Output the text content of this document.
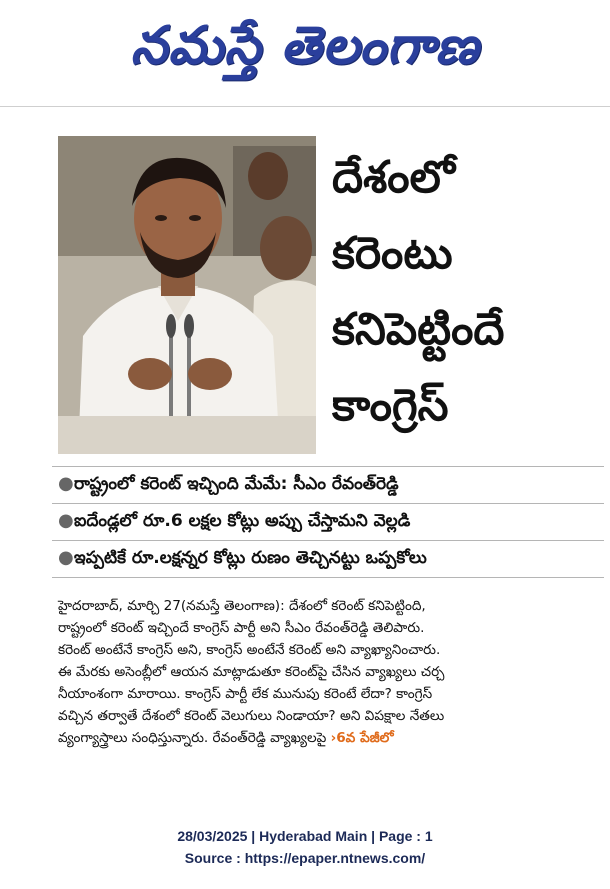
నమస్తే తెలంగాణ
దేశంలో
కరెంటు
కనిపెట్టిందే
కాంగ్రెస్
● రాష్ట్రంలో కరెంట్ ఇచ్చింది మేమే: సీఎం రేవంత్‌రెడ్డి
● ఐదేండ్లలో రూ.6 లక్షల కోట్లు అప్పు చేస్తామని వెల్లడి
● ఇప్పటికే రూ.లక్షన్నర కోట్లు రుణం తెచ్చినట్టు ఒప్పకోలు
హైదరాబాద్, మార్చి 27(నమస్తే తెలంగాణ): దేశంలో కరెంట్ కనిపెట్టింది,
రాష్ట్రంలో కరెంట్ ఇచ్చిందే కాంగ్రెస్ పార్టీ అని సీఎం రేవంత్‌రెడ్డి తెలిపారు.
కరెంట్ అంటేనే కాంగ్రెస్ అని, కాంగ్రెస్ అంటేనే కరెంట్ అని వ్యాఖ్యానించారు.
ఈ మేరకు అసెంబ్లీలో ఆయన మాట్లాడుతూ కరెంట్‌పై చేసిన వ్యాఖ్యలు చర్చ
నీయాంశంగా మారాయి. కాంగ్రెస్ పార్టీ లేక మునుపు కరెంటే లేదా? కాంగ్రెస్
వచ్చిన తర్వాతే దేశంలో కరెంట్ వెలుగులు నిండాయా? అని విపక్షాల నేతలు
వ్యంగ్యాస్త్రాలు సంధిస్తున్నారు. రేవంత్‌రెడ్డి వ్యాఖ్యలపై ›6వ పేజీలో
28/03/2025 | Hyderabad Main | Page : 1
Source : https://epaper.ntnews.com/
